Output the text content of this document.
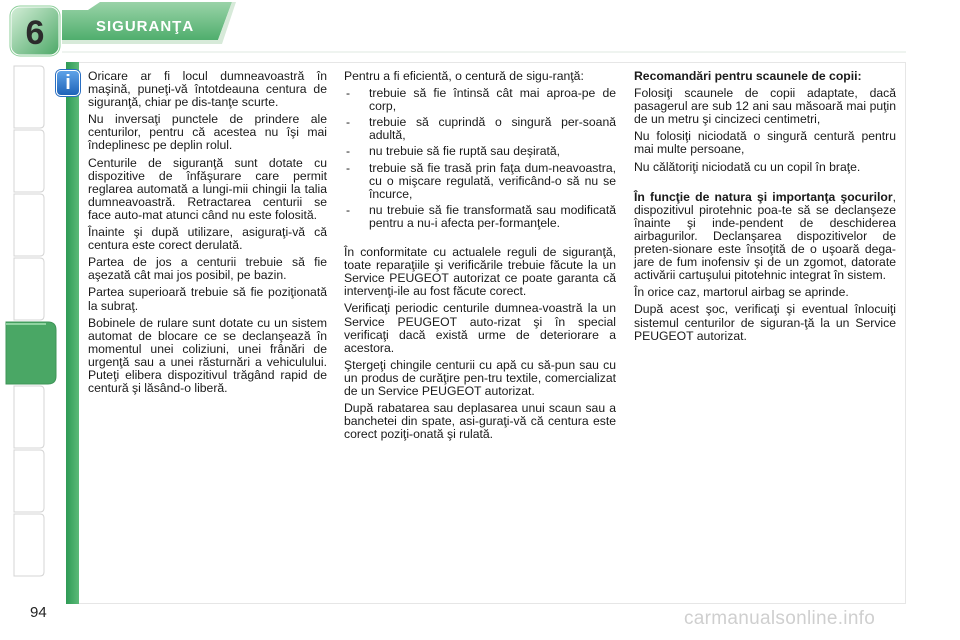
6	SIGURANŢA
i	Oricare ar fi locul dumneavoastră în maşină, puneţi-vă întotdeauna centura de siguranţă, chiar pe dis-tanţe scurte.

Nu inversaţi punctele de prindere ale centurilor, pentru că acestea nu îşi mai îndeplinesc pe deplin rolul.

Centurile de siguranţă sunt dotate cu dispozitive de înfăşurare care permit reglarea automată a lungi-mii chingii la talia dumneavoastră. Retractarea centurii se face auto-mat atunci când nu este folosită.

Înainte şi după utilizare, asiguraţi-vă că centura este corect derulată.

Partea de jos a centurii trebuie să fie aşezată cât mai jos posibil, pe bazin.

Partea superioară trebuie să fie poziţionată la subraţ.

Bobinele de rulare sunt dotate cu un sistem automat de blocare ce se declanşează în momentul unei coliziuni, unei frânări de urgenţă sau a unei răsturnări a vehiculului. Puteţi elibera dispozitivul trăgând rapid de centură şi lăsând-o liberă.

Pentru a fi eficientă, o centură de sigu-ranţă:

-	trebuie să fie întinsă cât mai aproa-pe de corp,
-	trebuie să cuprindă o singură per-soană adultă,
-	nu trebuie să fie ruptă sau deşirată,
-	trebuie să fie trasă prin faţa dum-neavoastra, cu o mişcare regulată, verificând-o să nu se încurce,
-	nu trebuie să fie transformată sau modificată pentru a nu-i afecta per-formanţele.

În conformitate cu actualele reguli de siguranţă, toate reparaţiile şi verificările trebuie făcute la un Service PEUGEOT autorizat ce poate garanta că intervenţi-ile au fost făcute corect.

Verificaţi periodic centurile dumnea-voastră la un Service PEUGEOT auto-rizat şi în special verificaţi dacă există urme de deteriorare a acestora.

Ştergeţi chingile centurii cu apă cu să-pun sau cu un produs de curăţire pen-tru textile, comercializat de un Service PEUGEOT autorizat.

După rabatarea sau deplasarea unui scaun sau a banchetei din spate, asi-guraţi-vă că centura este corect poziţi-onată şi rulată.

Recomandări pentru scaunele de copii:

Folosiţi scaunele de copii adaptate, dacă pasagerul are sub 12 ani sau măsoară mai puţin de un metru şi cincizeci centimetri,

Nu folosiţi niciodată o singură centură pentru mai multe persoane,

Nu călătoriţi niciodată cu un copil în braţe.

În funcţie de natura şi importanţa şocurilor, dispozitivul pirotehnic poa-te să se declanşeze înainte şi inde-pendent de deschiderea airbagurilor. Declanşarea dispozitivelor de preten-sionare este însoţită de o uşoară dega-jare de fum inofensiv şi de un zgomot, datorate activării cartuşului pitotehnic integrat în sistem.

În orice caz, martorul airbag se aprinde.

După acest şoc, verificaţi şi eventual înlocuiţi sistemul centurilor de siguran-ţă la un Service PEUGEOT autorizat.

94	carmanualsonline.info
